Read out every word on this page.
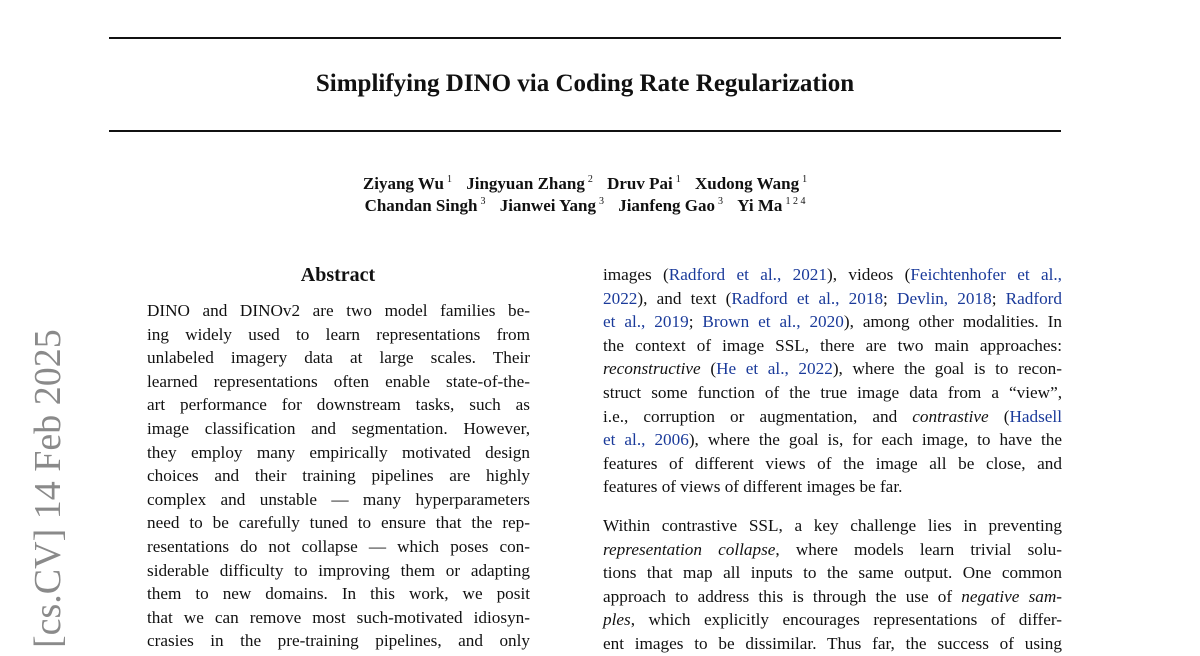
Simplifying DINO via Coding Rate Regularization
Ziyang Wu $^1$ Jingyuan Zhang $^2$ Druv Pai $^1$ Xudong Wang $^1$
Chandan Singh $^3$ Jianwei Yang $^3$ Jianfeng Gao $^3$ Yi Ma $^{1 2 4}$
[cs.CV] 14 Feb 2025
Abstract
DINO and DINOv2 are two model families be-
ing widely used to learn representations from
unlabeled imagery data at large scales. Their
learned representations often enable state-of-the-
art performance for downstream tasks, such as
image classification and segmentation. However,
they employ many empirically motivated design
choices and their training pipelines are highly
complex and unstable — many hyperparameters
need to be carefully tuned to ensure that the rep-
resentations do not collapse — which poses con-
siderable difficulty to improving them or adapting
them to new domains. In this work, we posit
that we can remove most such-motivated idiosyn-
crasies in the pre-training pipelines, and only
images (Radford et al., 2021), videos (Feichtenhofer et al.,
2022), and text (Radford et al., 2018; Devlin, 2018; Radford
et al., 2019; Brown et al., 2020), among other modalities. In
the context of image SSL, there are two main approaches:
reconstructive (He et al., 2022), where the goal is to recon-
struct some function of the true image data from a “view”,
i.e., corruption or augmentation, and contrastive (Hadsell
et al., 2006), where the goal is, for each image, to have the
features of different views of the image all be close, and
features of views of different images be far.
Within contrastive SSL, a key challenge lies in preventing
representation collapse, where models learn trivial solu-
tions that map all inputs to the same output. One common
approach to address this is through the use of negative sam-
ples, which explicitly encourages representations of differ-
ent images to be dissimilar. Thus far, the success of using
